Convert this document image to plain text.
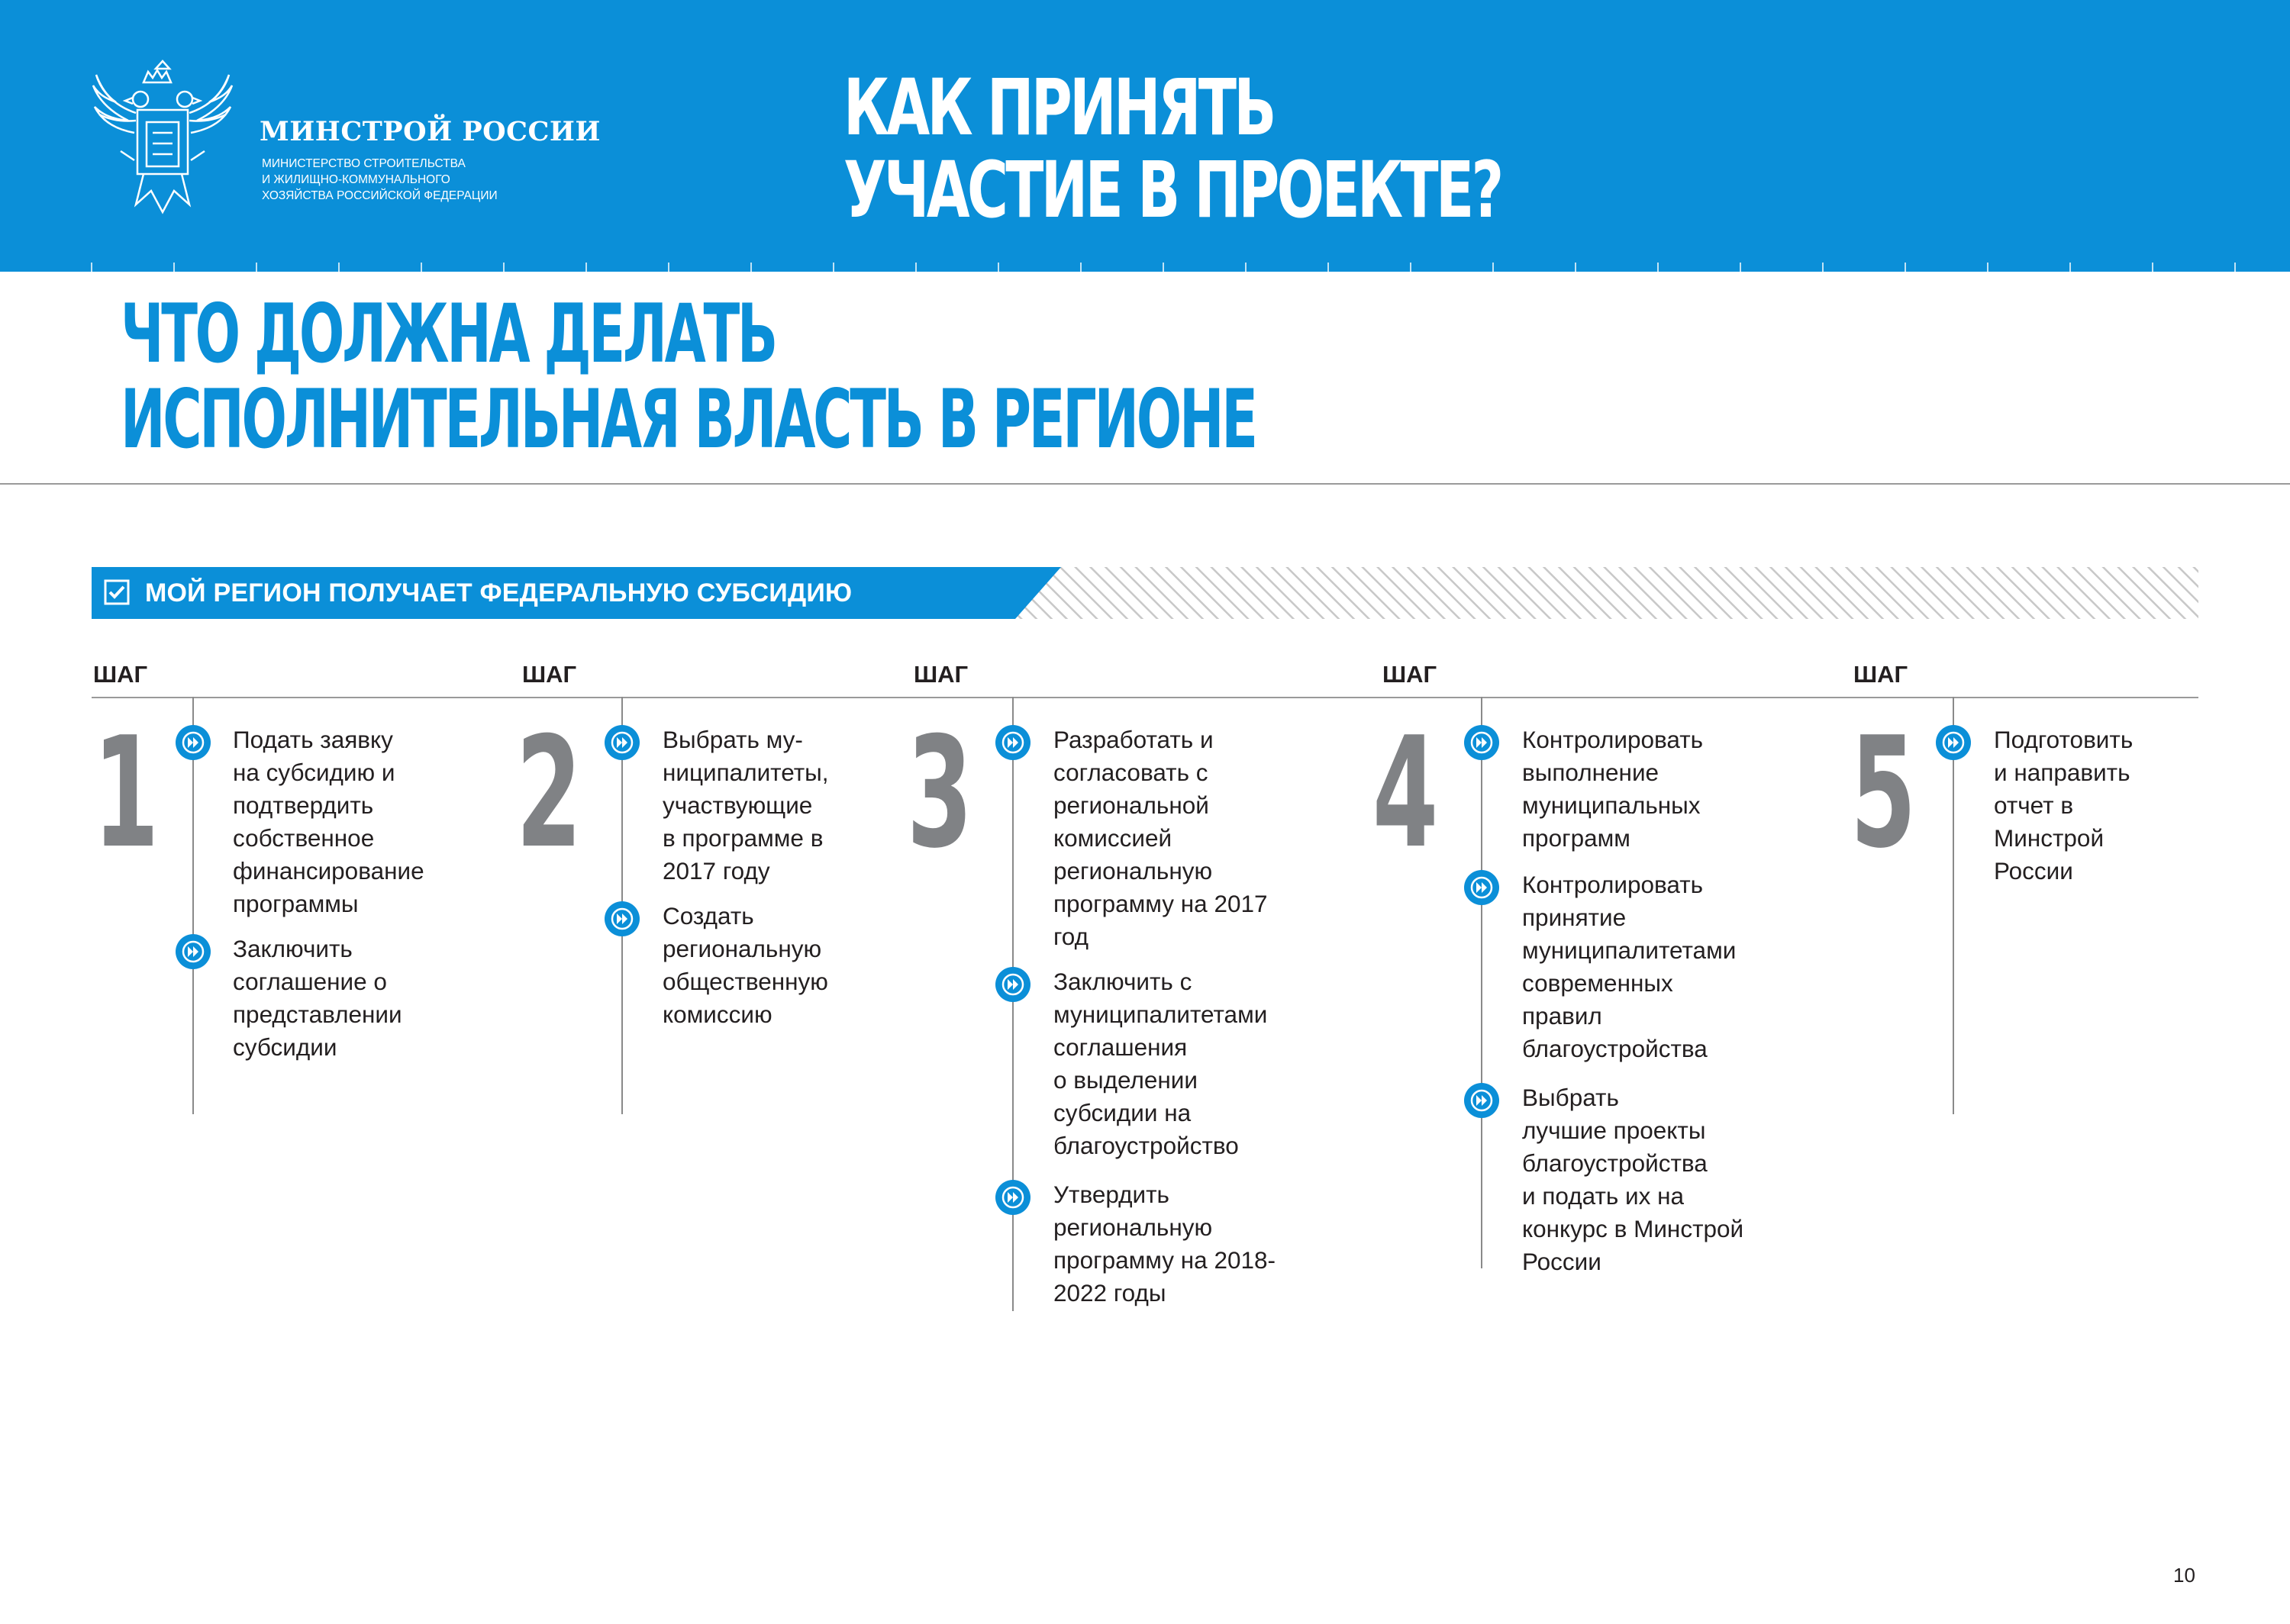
МИНСТРОЙ РОССИИ
МИНИСТЕРСТВО СТРОИТЕЛЬСТВА
И ЖИЛИЩНО-КОММУНАЛЬНОГО
ХОЗЯЙСТВА РОССИЙСКОЙ ФЕДЕРАЦИИ
КАК ПРИНЯТЬ
УЧАСТИЕ В ПРОЕКТЕ?
ЧТО ДОЛЖНА ДЕЛАТЬ
ИСПОЛНИТЕЛЬНАЯ ВЛАСТЬ В РЕГИОНЕ
МОЙ РЕГИОН ПОЛУЧАЕТ ФЕДЕРАЛЬНУЮ СУБСИДИЮ
ШАГ
1	Подать заявку
на субсидию и
подтвердить
собственное
финансирование
программы
Заключить
соглашение о
представлении
субсидии
ШАГ
2	Выбрать му-
ниципалитеты,
участвующие
в программе в
2017 году
Создать
региональную
общественную
комиссию
ШАГ
3	Разработать и
согласовать с
региональной
комиссией
региональную
программу на 2017
год
Заключить с
муниципалитетами
соглашения
о выделении
субсидии на
благоустройство
Утвердить
региональную
программу на 2018-
2022 годы
ШАГ
4	Контролировать
выполнение
муниципальных
программ
Контролировать
принятие
муниципалитетами
современных
правил
благоустройства
Выбрать
лучшие проекты
благоустройства
и подать их на
конкурс в Минстрой
России
ШАГ
5	Подготовить
и направить
отчет в
Минстрой
России
10
